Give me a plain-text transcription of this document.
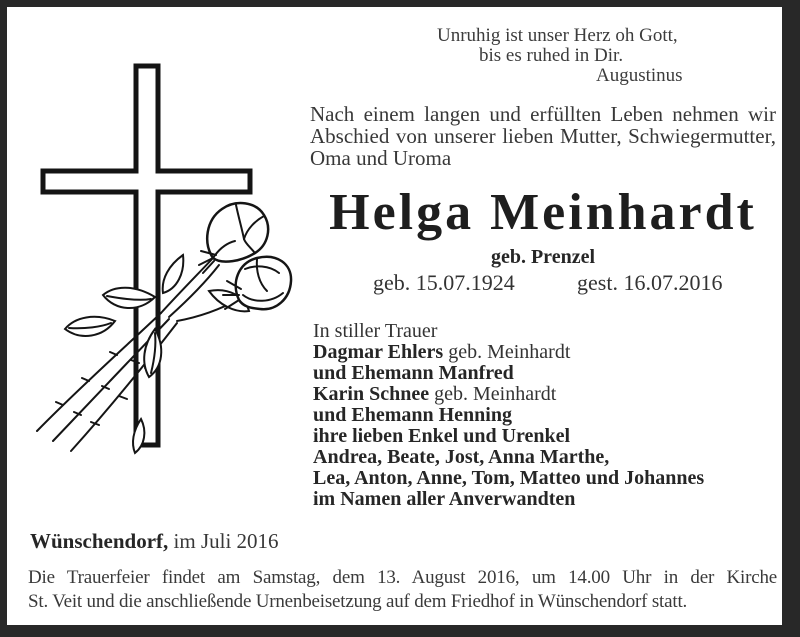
Unruhig ist unser Herz oh Gott,
bis es ruhed in Dir.
Augustinus
Nach einem langen und erfüllten Leben nehmen wir
Abschied von unserer lieben Mutter, Schwiegermutter,
Oma und Uroma
Helga Meinhardt
geb. Prenzel
geb. 15.07.1924	gest. 16.07.2016
In stiller Trauer
Dagmar Ehlers geb. Meinhardt
und Ehemann Manfred
Karin Schnee geb. Meinhardt
und Ehemann Henning
ihre lieben Enkel und Urenkel
Andrea, Beate, Jost, Anna Marthe,
Lea, Anton, Anne, Tom, Matteo und Johannes
im Namen aller Anverwandten
Wünschendorf, im Juli 2016
Die Trauerfeier findet am Samstag, dem 13. August 2016, um 14.00 Uhr in der Kirche
St. Veit und die anschließende Urnenbeisetzung auf dem Friedhof in Wünschendorf statt.
